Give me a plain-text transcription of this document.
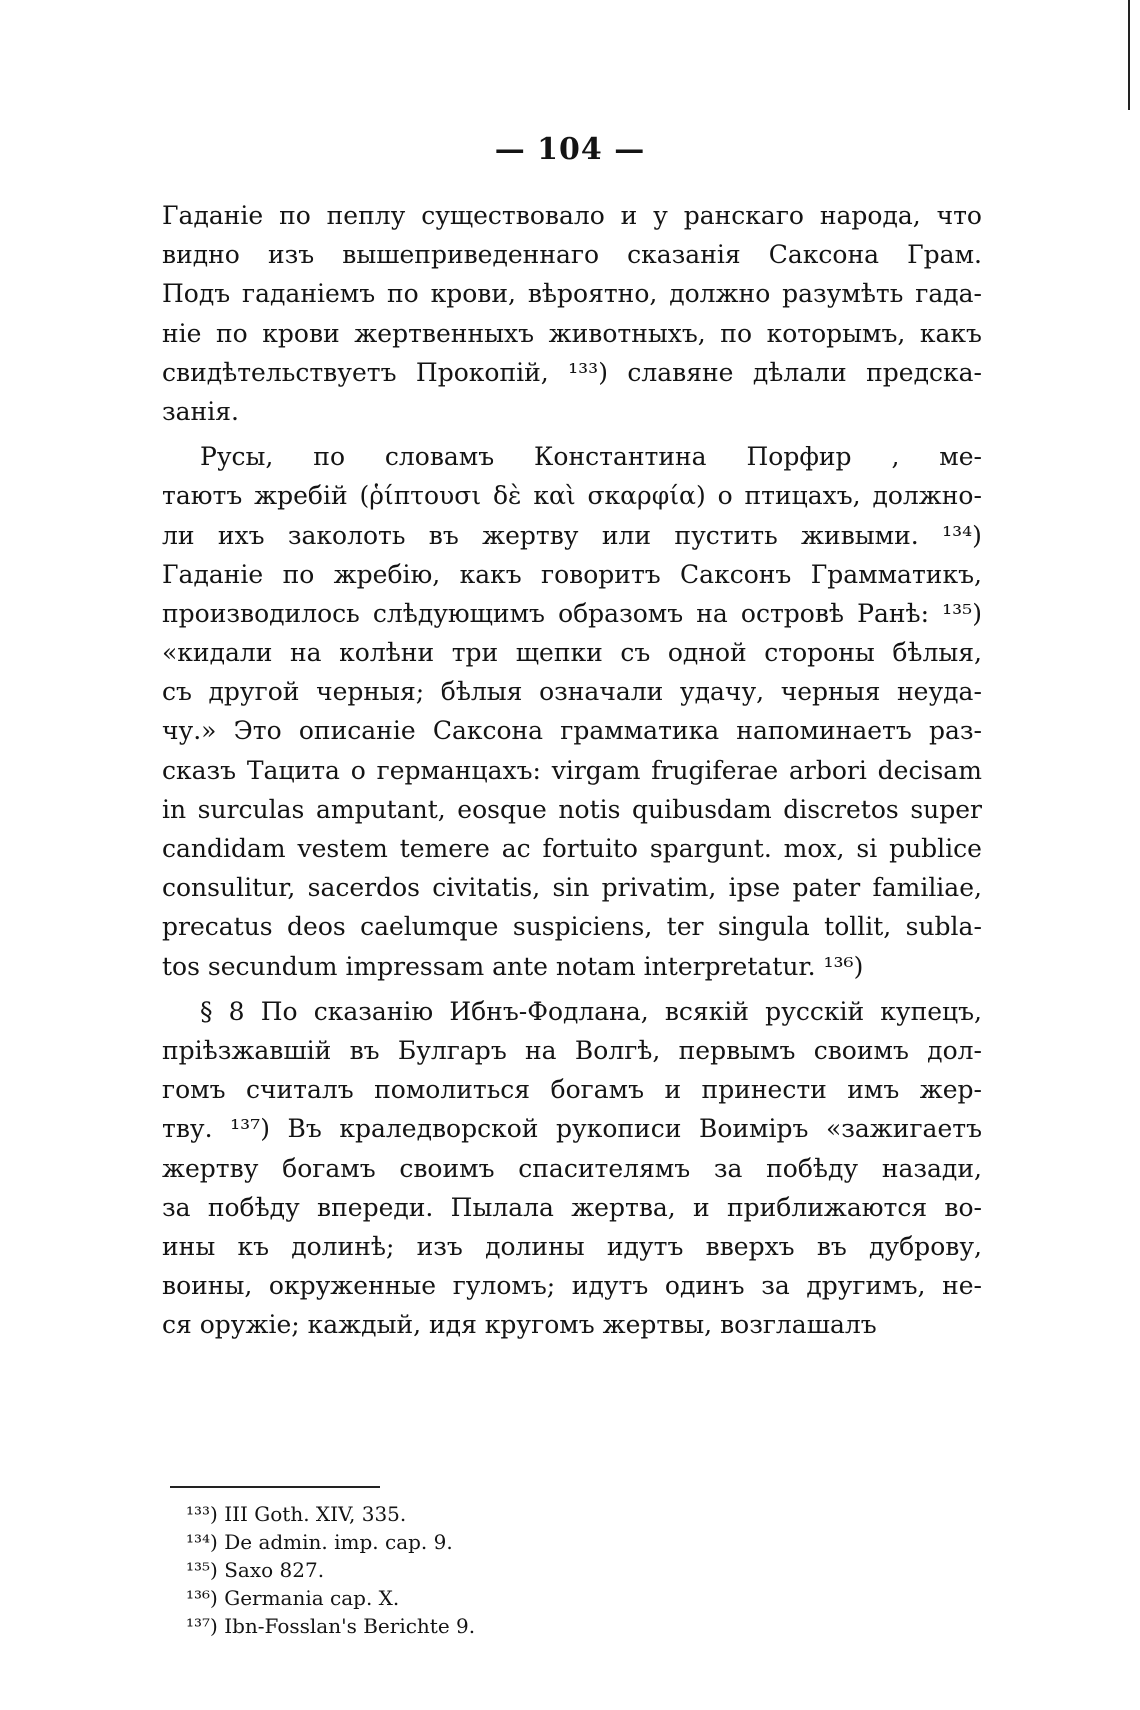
— 104 —
Гаданіе по пеплу существовало и у ранскаго народа, что
видно изъ вышеприведеннаго сказанія Саксона Грам.
Подъ гаданіемъ по крови, вѣроятно, должно разумѣть гада-
ніе по крови жертвенныхъ животныхъ, по которымъ, какъ
свидѣтельствуетъ Прокопій, ¹³³) славяне дѣлали предска-
занія.
Русы, по словамъ Константина Порфир , ме-
таютъ жребій (ῥίπτουσι δὲ καὶ σκαρφία) о птицахъ, должно-
ли ихъ заколоть въ жертву или пустить живыми. ¹³⁴)
Гаданіе по жребію, какъ говоритъ Саксонъ Грамматикъ,
производилось слѣдующимъ образомъ на островѣ Ранѣ: ¹³⁵)
«кидали на колѣни три щепки съ одной стороны бѣлыя,
съ другой черныя; бѣлыя означали удачу, черныя неуда-
чу.» Это описаніе Саксона грамматика напоминаетъ раз-
сказъ Тацита о германцахъ: virgam frugiferae arbori decisam
in surculas amputant, eosque notis quibusdam discretos super
candidam vestem temere ac fortuito spargunt. mox, si publice
consulitur, sacerdos civitatis, sin privatim, ipse pater familiae,
precatus deos caelumque suspiciens, ter singula tollit, subla-
tos secundum impressam ante notam interpretatur. ¹³⁶)
§ 8 По сказанію Ибнъ-Фодлана, всякій русскій купецъ,
пріѣзжавшій въ Булгаръ на Волгѣ, первымъ своимъ дол-
гомъ считалъ помолиться богамъ и принести имъ жер-
тву. ¹³⁷) Въ краледворской рукописи Воиміръ «зажигаетъ
жертву богамъ своимъ спасителямъ за побѣду назади,
за побѣду впереди. Пылала жертва, и приближаются во-
ины къ долинѣ; изъ долины идутъ вверхъ въ дуброву,
воины, окруженные гуломъ; идутъ одинъ за другимъ, не-
ся оружіе; каждый, идя кругомъ жертвы, возглашалъ
¹³³) III Goth. XIV, 335.
¹³⁴) De admin. imp. cap. 9.
¹³⁵) Saxo 827.
¹³⁶) Germania cap. X.
¹³⁷) Ibn-Fosslan's Berichte 9.
